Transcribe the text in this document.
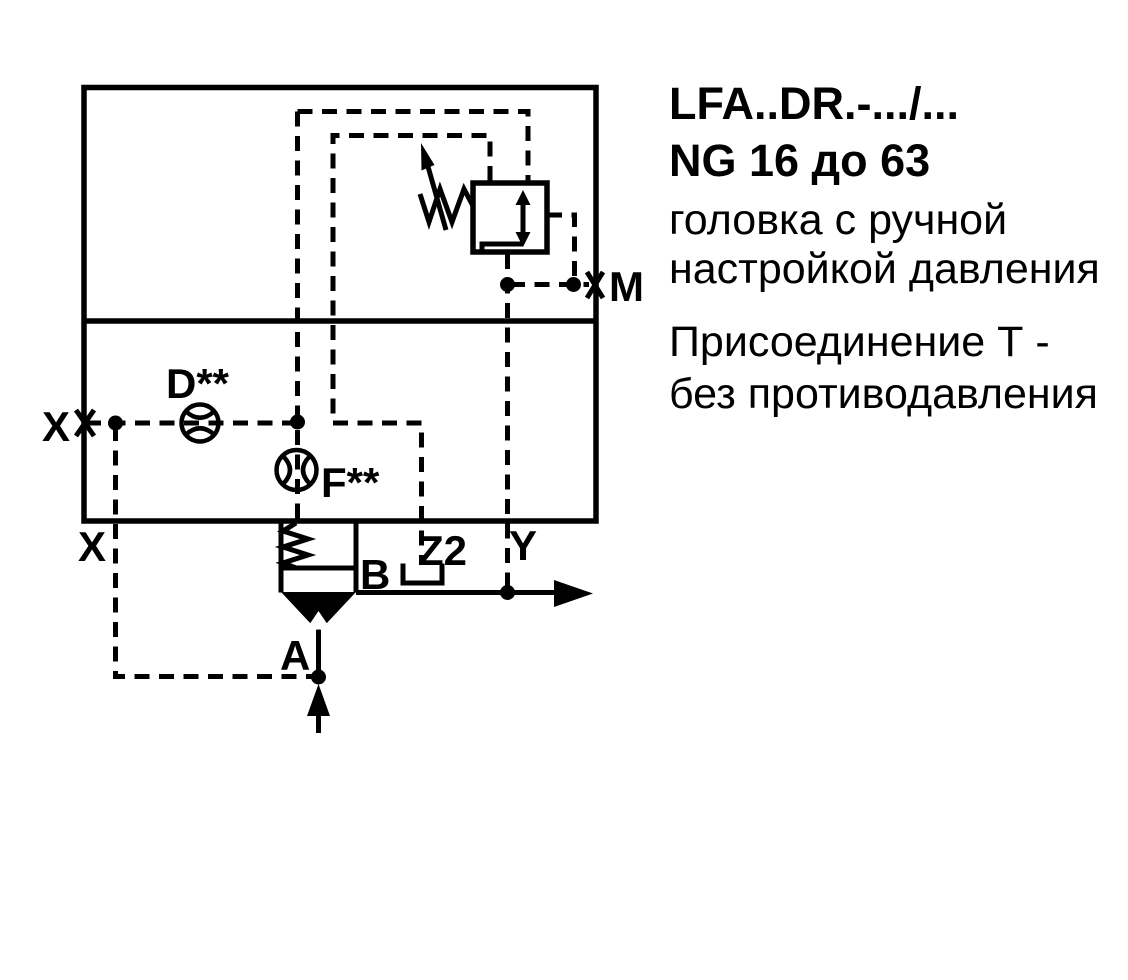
X
X
D**
F**
B
A
Z2 Y
M
LFA..DR.-.../...
NG 16 до 63
головка с ручной
настройкой давления
Присоединение Т -
без противодавления
